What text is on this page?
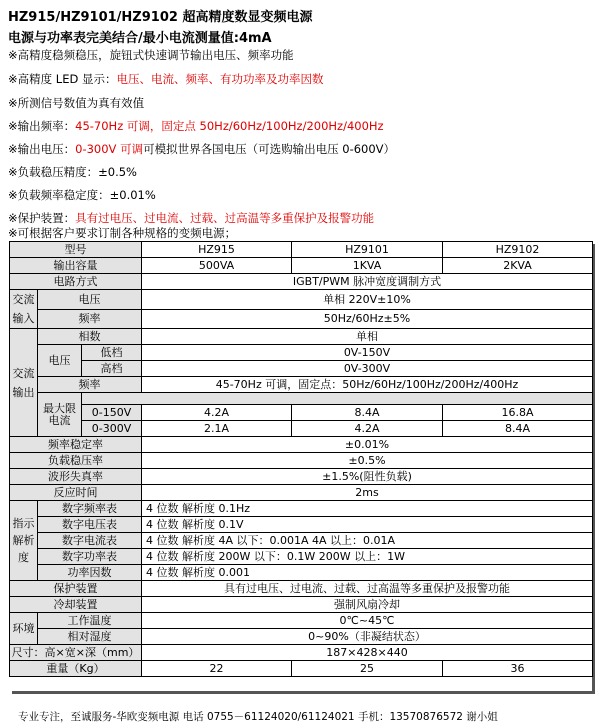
HZ915/HZ9101/HZ9102 超高精度数显变频电源
电源与功率表完美结合/最小电流测量值:4mA
※高精度稳频稳压，旋钮式快速调节输出电压、频率功能
※高精度 LED 显示：电压、电流、频率、有功功率及功率因数
※所测信号数值为真有效值
※输出频率：45-70Hz 可调，固定点 50Hz/60Hz/100Hz/200Hz/400Hz
※输出电压：0-300V 可调可模拟世界各国电压（可选购输出电压 0-600V）
※负载稳压精度：±0.5%
※负载频率稳定度：±0.01%
※保护装置：具有过电压、过电流、过载、过高温等多重保护及报警功能
※可根据客户要求订制各种规格的变频电源；
型号			HZ915	HZ9101	HZ9102
输出容量			500VA	1KVA	2KVA
电路方式			IGBT/PWM 脉冲宽度调制方式		
交流输入	电压		单相 220V±10%		
	频率		50Hz/60Hz±5%		
交流输出	相数		单相		
	电压	低档	0V-150V		
		高档	0V-300V		
	频率		45-70Hz 可调，固定点：50Hz/60Hz/100Hz/200Hz/400Hz		
	最大限电流				
		0-150V	4.2A	8.4A	16.8A
		0-300V	2.1A	4.2A	8.4A
频率稳定率			±0.01%		
负载稳压率			±0.5%		
波形失真率			±1.5%(阻性负载)		
反应时间			2ms		
指示解析度	数字频率表		4 位数 解析度 0.1Hz		
	数字电压表		4 位数 解析度 0.1V		
	数字电流表		4 位数 解析度 4A 以下：0.001A 4A 以上：0.01A		
	数字功率表		4 位数 解析度 200W 以下：0.1W 200W 以上：1W		
	功率因数		4 位数 解析度 0.001		
保护装置			具有过电压、过电流、过载、过高温等多重保护及报警功能		
冷却装置			强制风扇冷却		
环境	工作温度		0℃~45℃		
	相对湿度		0~90%（非凝结状态）		
尺寸：高×宽×深（mm）			187×428×440		
重量（Kg）			22	25	36
专业专注，至诚服务-华欧变频电源 电话 0755－61124020/61124021 手机：13570876572 谢小姐
